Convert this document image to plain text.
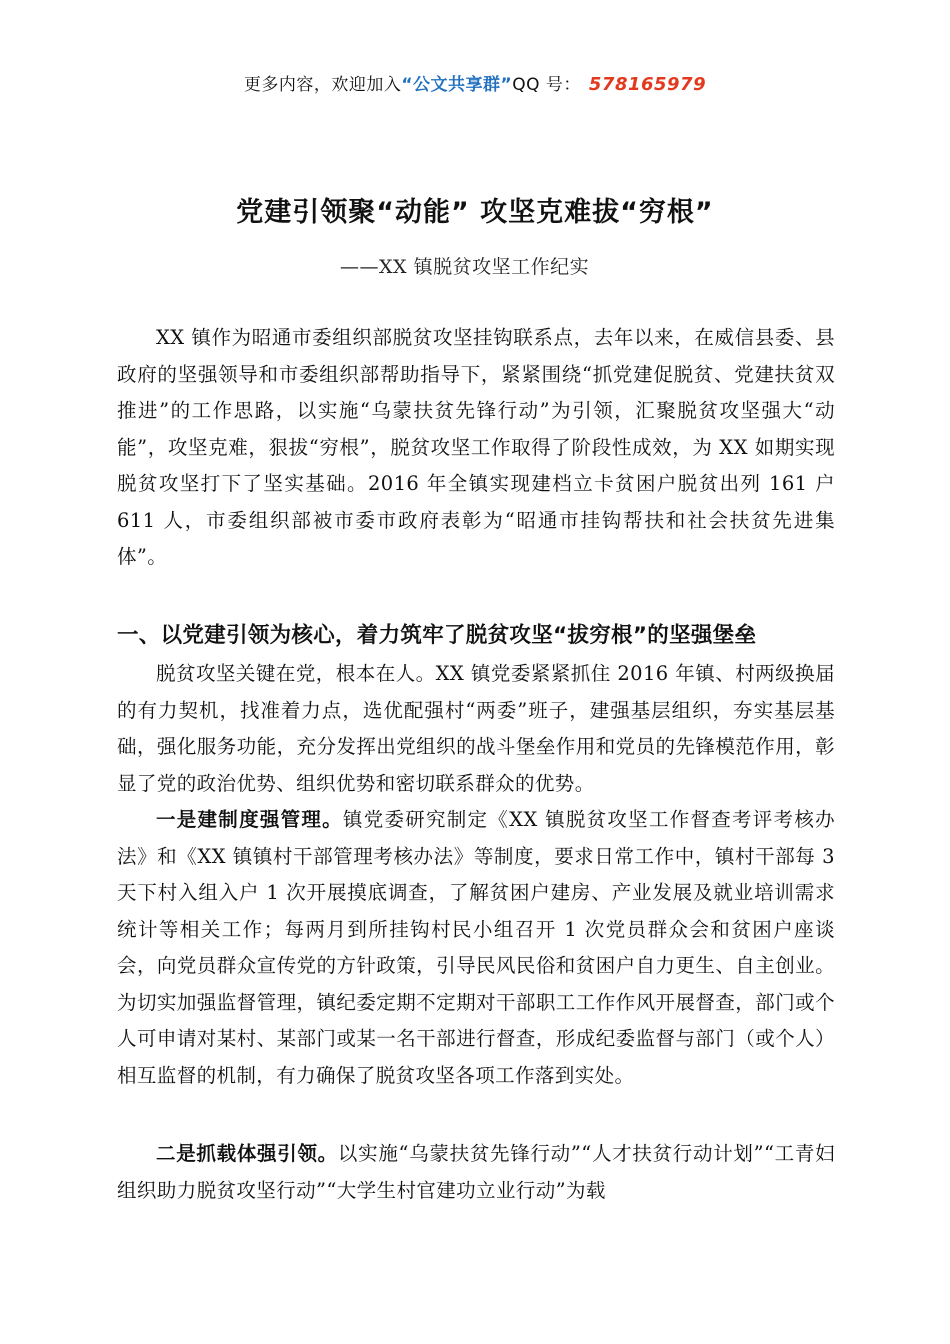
更多内容，欢迎加入“公文共享群”QQ 号： 578165979
党建引领聚“动能” 攻坚克难拔“穷根”
——XX 镇脱贫攻坚工作纪实
XX 镇作为昭通市委组织部脱贫攻坚挂钩联系点，去年以来，在威信县委、县政府的坚强领导和市委组织部帮助指导下，紧紧围绕“抓党建促脱贫、党建扶贫双推进”的工作思路，以实施“乌蒙扶贫先锋行动”为引领，汇聚脱贫攻坚强大“动能”，攻坚克难，狠拔“穷根”，脱贫攻坚工作取得了阶段性成效，为 XX 如期实现脱贫攻坚打下了坚实基础。2016 年全镇实现建档立卡贫困户脱贫出列 161 户 611 人，市委组织部被市委市政府表彰为“昭通市挂钩帮扶和社会扶贫先进集体”。
一、以党建引领为核心，着力筑牢了脱贫攻坚“拔穷根”的坚强堡垒
脱贫攻坚关键在党，根本在人。XX 镇党委紧紧抓住 2016 年镇、村两级换届的有力契机，找准着力点，选优配强村“两委”班子，建强基层组织，夯实基层基础，强化服务功能，充分发挥出党组织的战斗堡垒作用和党员的先锋模范作用，彰显了党的政治优势、组织优势和密切联系群众的优势。
一是建制度强管理。镇党委研究制定《XX 镇脱贫攻坚工作督查考评考核办法》和《XX 镇镇村干部管理考核办法》等制度，要求日常工作中，镇村干部每 3 天下村入组入户 1 次开展摸底调查，了解贫困户建房、产业发展及就业培训需求统计等相关工作；每两月到所挂钩村民小组召开 1 次党员群众会和贫困户座谈会，向党员群众宣传党的方针政策，引导民风民俗和贫困户自力更生、自主创业。为切实加强监督管理，镇纪委定期不定期对干部职工工作作风开展督查，部门或个人可申请对某村、某部门或某一名干部进行督查，形成纪委监督与部门（或个人）相互监督的机制，有力确保了脱贫攻坚各项工作落到实处。
二是抓载体强引领。以实施“乌蒙扶贫先锋行动”“人才扶贫行动计划”“工青妇组织助力脱贫攻坚行动”“大学生村官建功立业行动”为载
